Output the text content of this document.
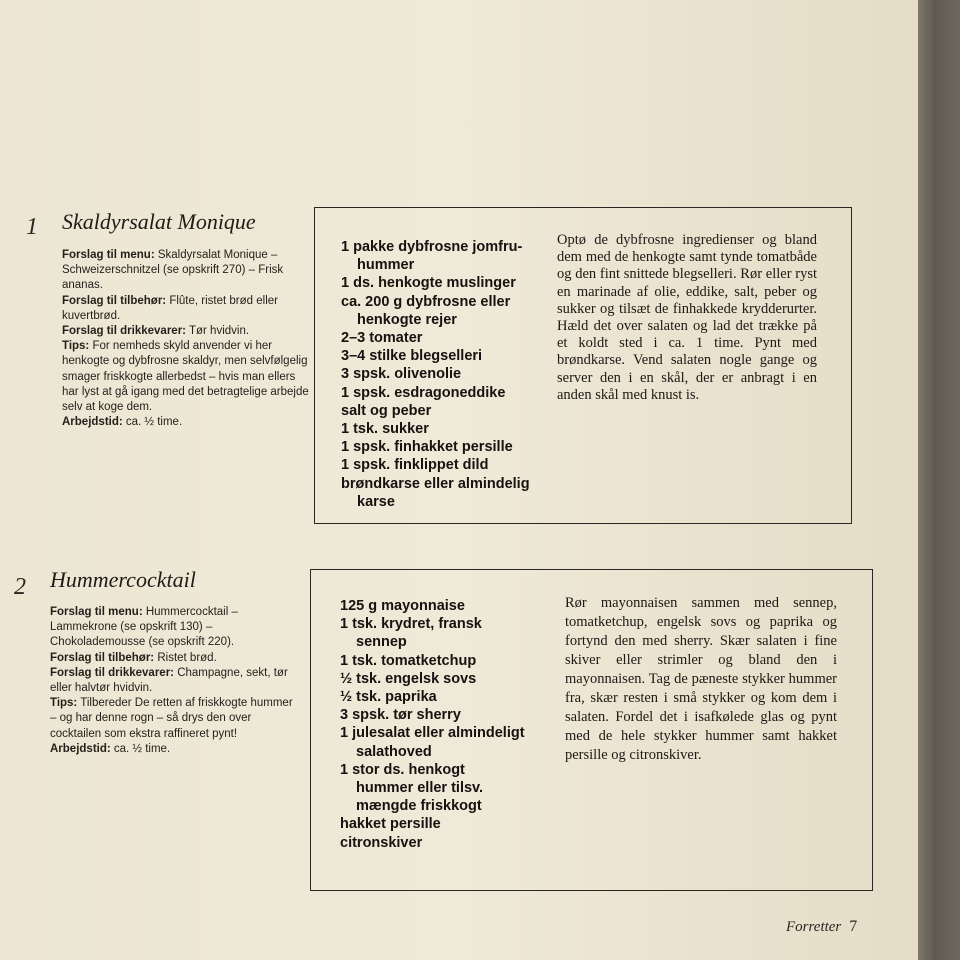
1 Skaldyrsalat Monique

Forslag til menu: Skaldyrsalat Monique – Schweizerschnitzel (se opskrift 270) – Frisk ananas.

Forslag til tilbehør: Flûte, ristet brød eller kuvertbrød.

Forslag til drikkevarer: Tør hvidvin.

Tips: For nemheds skyld anvender vi her henkogte og dybfrosne skaldyr, men selvfølgelig smager friskkogte allerbedst – hvis man ellers har lyst at gå igang med det betragtelige arbejde selv at koge dem.

Arbejdstid: ca. ½ time.

1 pakke dybfrosne jomfru-
hummer
1 ds. henkogte muslinger
ca. 200 g dybfrosne eller
henkogte rejer
2–3 tomater
3–4 stilke blegselleri
3 spsk. olivenolie
1 spsk. esdragoneddike
salt og peber
1 tsk. sukker
1 spsk. finhakket persille
1 spsk. finklippet dild
brøndkarse eller almindelig
karse
Optø de dybfrosne ingredienser og bland dem med de henkogte samt tynde tomatbåde og den fint snittede blegselleri. Rør eller ryst en marinade af olie, eddike, salt, peber og sukker og tilsæt de finhakkede krydderurter. Hæld det over salaten og lad det trække på et koldt sted i ca. 1 time. Pynt med brøndkarse. Vend salaten nogle gange og server den i en skål, der er anbragt i en anden skål med knust is.
2 Hummercocktail

Forslag til menu: Hummercocktail – Lammekrone (se opskrift 130) – Chokolademousse (se opskrift 220).

Forslag til tilbehør: Ristet brød.

Forslag til drikkevarer: Champagne, sekt, tør eller halvtør hvidvin.

Tips: Tilbereder De retten af friskkogte hummer – og har denne rogn – så drys den over cocktailen som ekstra raffineret pynt!

Arbejdstid: ca. ½ time.

125 g mayonnaise
1 tsk. krydret, fransk
sennep
1 tsk. tomatketchup
½ tsk. engelsk sovs
½ tsk. paprika
3 spsk. tør sherry
1 julesalat eller almindeligt
salathoved
1 stor ds. henkogt
hummer eller tilsv.
mængde friskkogt
hakket persille
citronskiver
Rør mayonnaisen sammen med sennep, tomatketchup, engelsk sovs og paprika og fortynd den med sherry. Skær salaten i fine skiver eller strimler og bland den i mayonnaisen. Tag de pæneste stykker hummer fra, skær resten i små stykker og kom dem i salaten. Fordel det i isafkølede glas og pynt med de hele stykker hummer samt hakket persille og citronskiver.
Forretter 7
